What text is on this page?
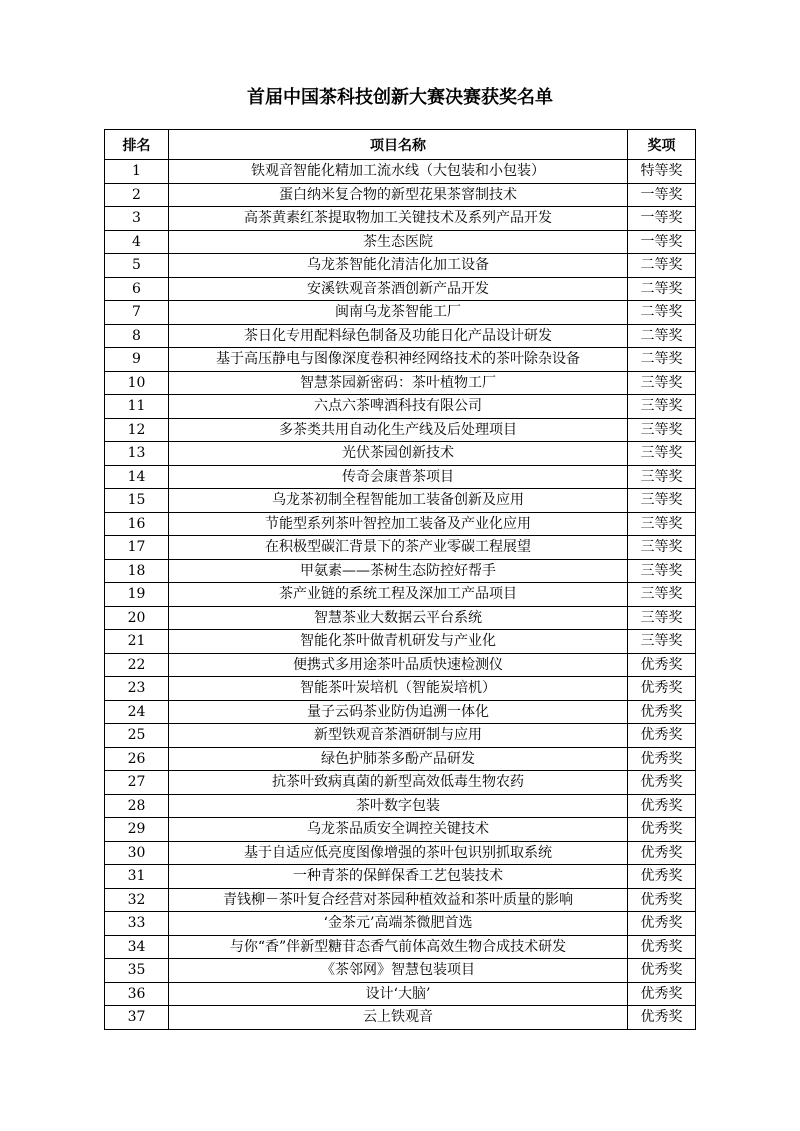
首届中国茶科技创新大赛决赛获奖名单
排名	项目名称	奖项
1	铁观音智能化精加工流水线（大包装和小包装）	特等奖
2	蛋白纳米复合物的新型花果茶窨制技术	一等奖
3	高茶黄素红茶提取物加工关键技术及系列产品开发	一等奖
4	茶生态医院	一等奖
5	乌龙茶智能化清洁化加工设备	二等奖
6	安溪铁观音茶酒创新产品开发	二等奖
7	闽南乌龙茶智能工厂	二等奖
8	茶日化专用配料绿色制备及功能日化产品设计研发	二等奖
9	基于高压静电与图像深度卷积神经网络技术的茶叶除杂设备	二等奖
10	智慧茶园新密码：茶叶植物工厂	三等奖
11	六点六茶啤酒科技有限公司	三等奖
12	多茶类共用自动化生产线及后处理项目	三等奖
13	光伏茶园创新技术	三等奖
14	传奇会康普茶项目	三等奖
15	乌龙茶初制全程智能加工装备创新及应用	三等奖
16	节能型系列茶叶智控加工装备及产业化应用	三等奖
17	在积极型碳汇背景下的茶产业零碳工程展望	三等奖
18	甲氨素——茶树生态防控好帮手	三等奖
19	茶产业链的系统工程及深加工产品项目	三等奖
20	智慧茶业大数据云平台系统	三等奖
21	智能化茶叶做青机研发与产业化	三等奖
22	便携式多用途茶叶品质快速检测仪	优秀奖
23	智能茶叶炭培机（智能炭培机）	优秀奖
24	量子云码茶业防伪追溯一体化	优秀奖
25	新型铁观音茶酒研制与应用	优秀奖
26	绿色护肺茶多酚产品研发	优秀奖
27	抗茶叶致病真菌的新型高效低毒生物农药	优秀奖
28	茶叶数字包装	优秀奖
29	乌龙茶品质安全调控关键技术	优秀奖
30	基于自适应低亮度图像增强的茶叶包识别抓取系统	优秀奖
31	一种青茶的保鲜保香工艺包装技术	优秀奖
32	青钱柳－茶叶复合经营对茶园种植效益和茶叶质量的影响	优秀奖
33	‘金茶元’高端茶微肥首选	优秀奖
34	与你“香”伴新型糖苷态香气前体高效生物合成技术研发	优秀奖
35	《茶邻网》智慧包装项目	优秀奖
36	设计‘大脑’	优秀奖
37	云上铁观音	优秀奖
